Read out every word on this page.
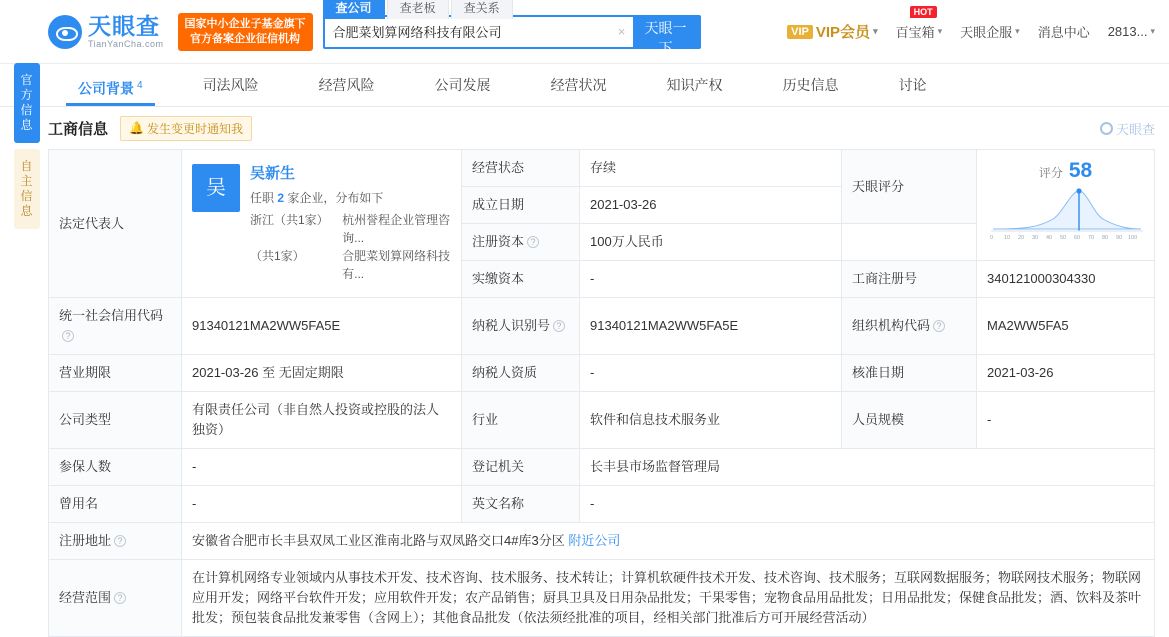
天眼查
TianYanCha.com
国家中小企业子基金旗下
官方备案企业征信机构
查公司	查老板	查关系
合肥菜划算网络科技有限公司
×	天眼一下
VIP VIP会员 ▾
HOT
百宝箱 ▾ 天眼企服 ▾ 消息中心 2813... ▾
公司背景 $^4$	司法风险	经营风险	公司发展	经营状况	知识产权	历史信息	讨论
官方信息
自主信息
工商信息 🔔 发生变更时通知我	天眼查
法定代表人	
吴
吴新生
任职 2 家企业，分布如下
浙江（共1家）	杭州誉程企业管理咨询...
（共1家）	合肥菜划算网络科技有...
	经营状态	存续	天眼评分	
评分 58
0 10 20 30 40 50 60 70 80 90 100

		成立日期	2021-03-26		
		注册资本 ?	100万人民币		
		实缴资本	-	工商注册号	340121000304330
统一社会信用代码?	91340121MA2WW5FA5E	纳税人识别号 ?	91340121MA2WW5FA5E	组织机构代码 ?	MA2WW5FA5
营业期限	2021-03-26 至 无固定期限	纳税人资质	-	核准日期	2021-03-26
公司类型	有限责任公司（非自然人投资或控股的法人独资）	行业	软件和信息技术服务业	人员规模	-
参保人数	-	登记机关	长丰县市场监督管理局		
曾用名	-	英文名称	-		
注册地址 ?	安徽省合肥市长丰县双凤工业区淮南北路与双凤路交口4#库3分区 附近公司				
经营范围 ?	在计算机网络专业领域内从事技术开发、技术咨询、技术服务、技术转让；计算机软硬件技术开发、技术咨询、技术服务；互联网数据服务；物联网技术服务；物联网应用开发；网络平台软件开发；应用软件开发；农产品销售；厨具卫具及日用杂品批发；干果零售；宠物食品用品批发；日用品批发；保健食品批发；酒、饮料及茶叶批发；预包装食品批发兼零售（含网上）；其他食品批发（依法须经批准的项目，经相关部门批准后方可开展经营活动）				
